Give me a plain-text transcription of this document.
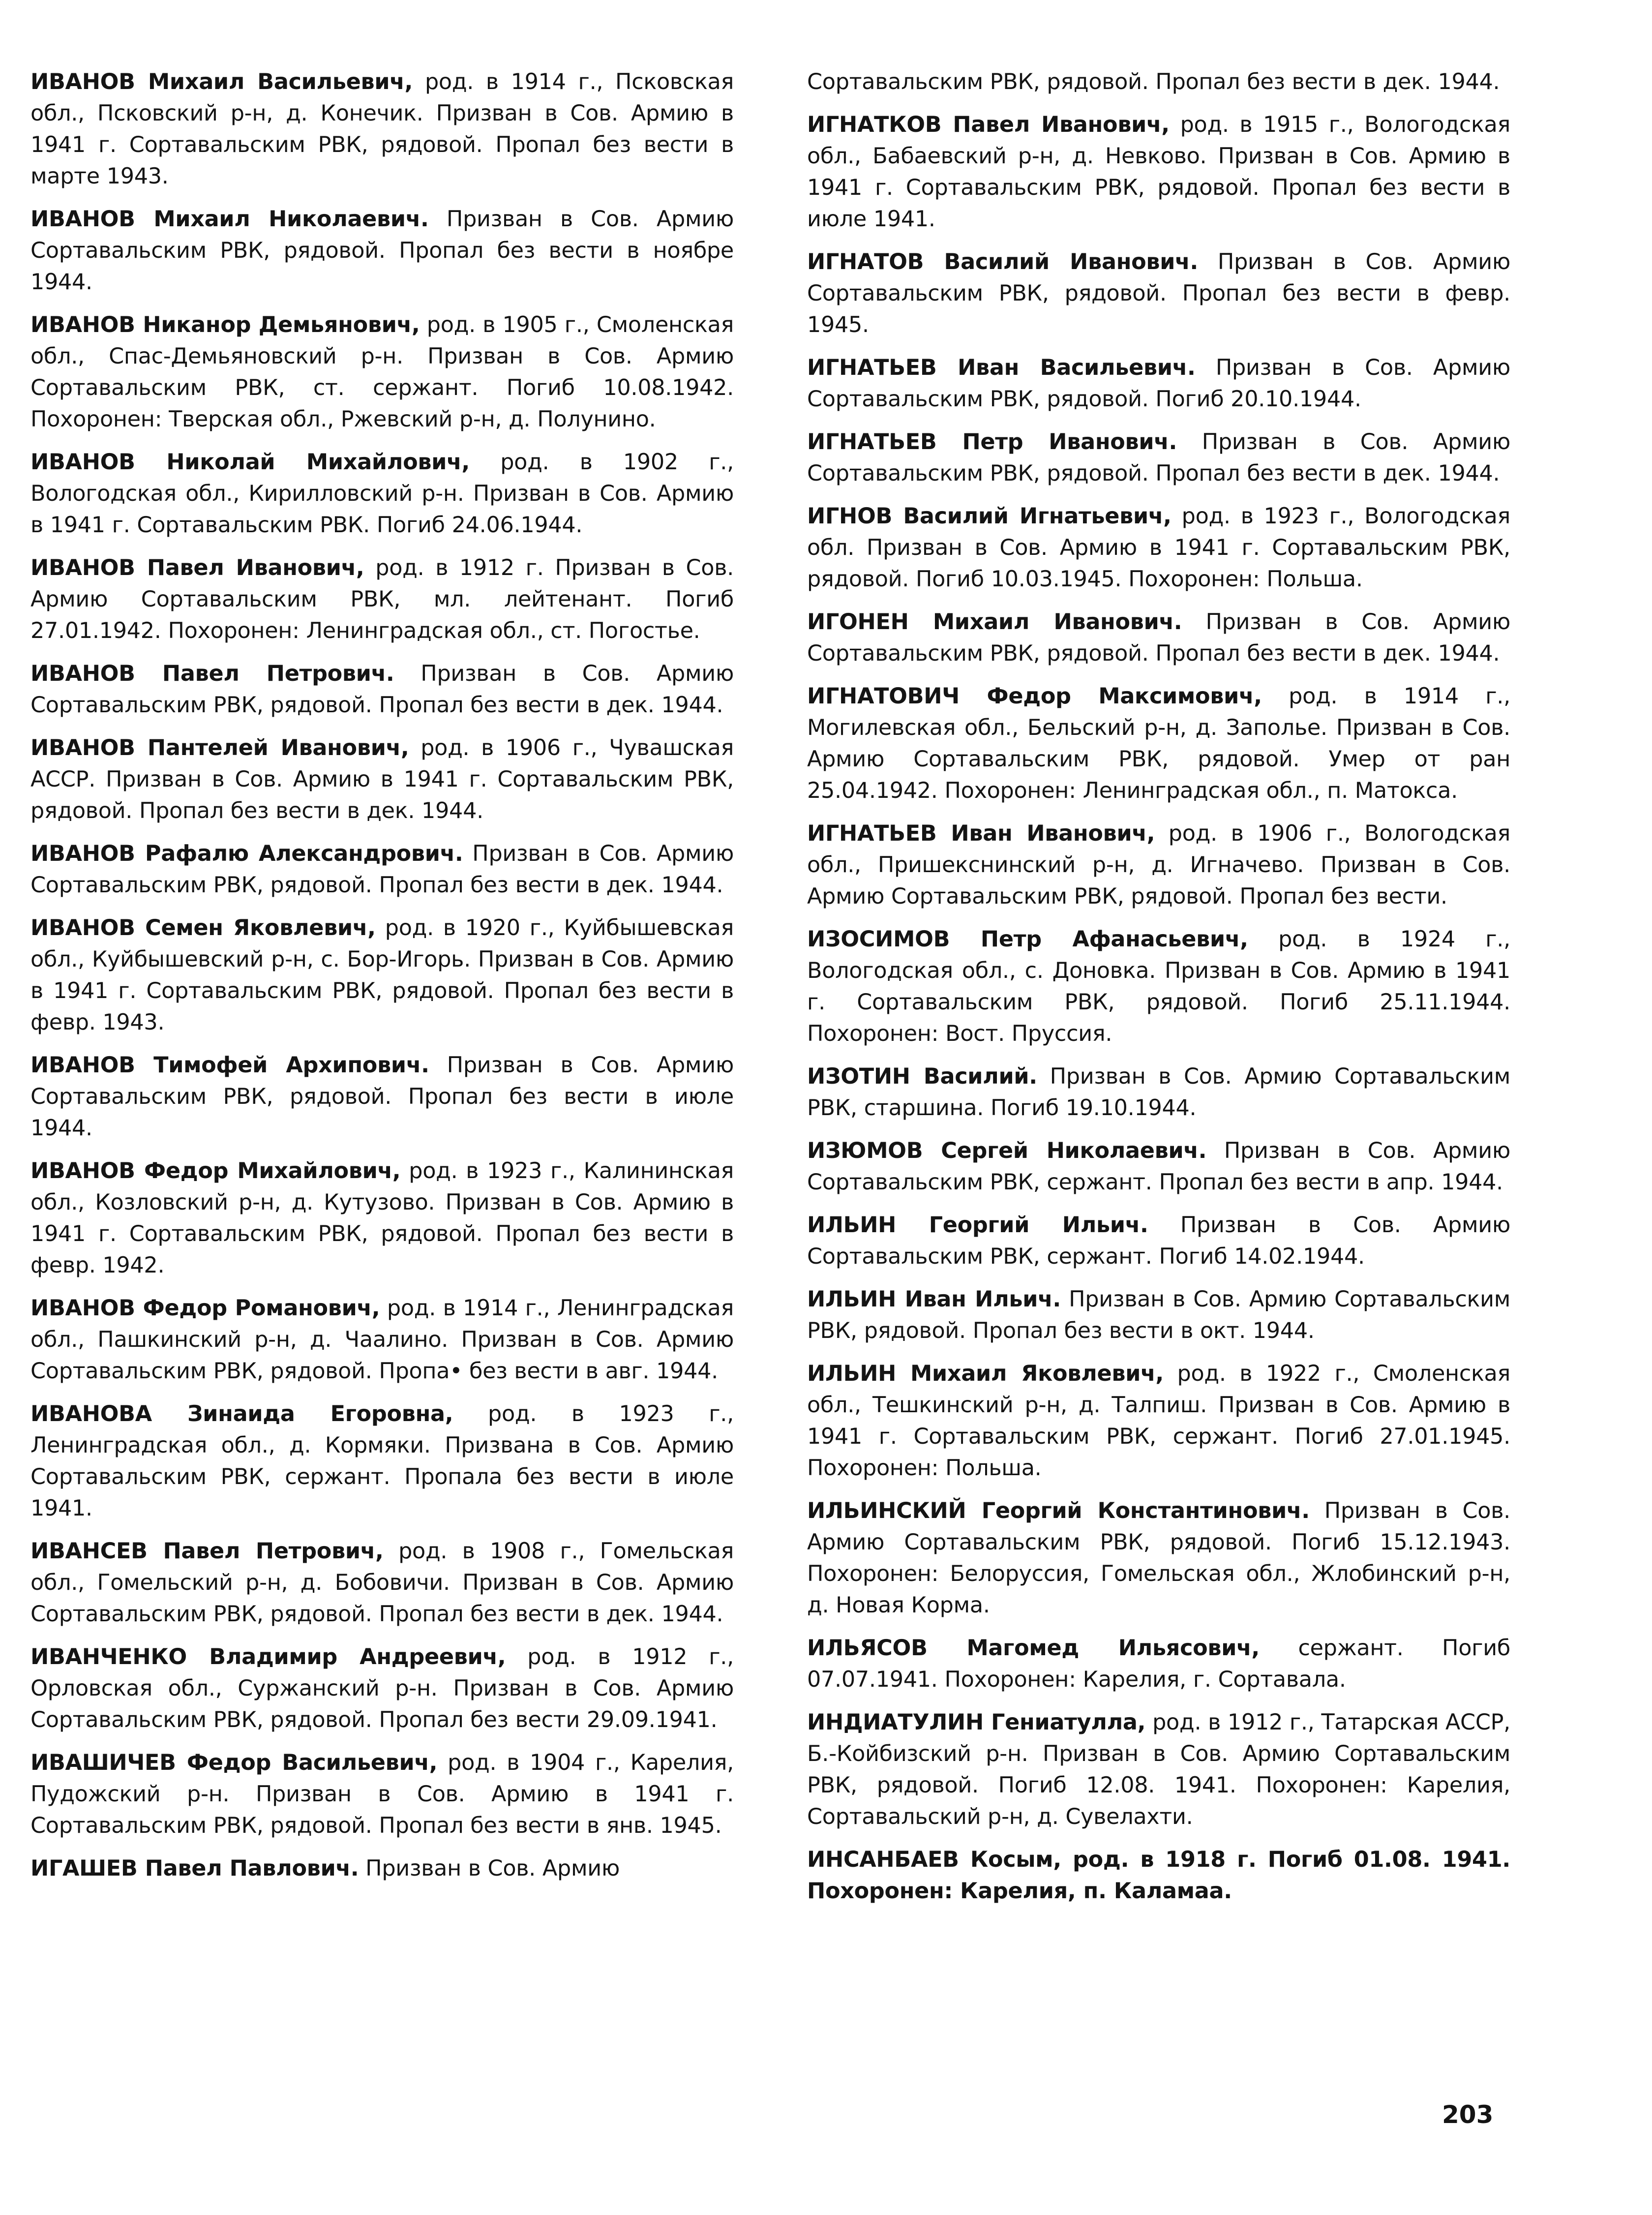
ИВАНОВ Михаил Васильевич, род. в 1914 г., Псковская обл., Псковский р-н, д. Конечик. Призван в Сов. Армию в 1941 г. Сортавальским РВК, рядовой. Пропал без вести в марте 1943.

ИВАНОВ Михаил Николаевич. Призван в Сов. Армию Сортавальским РВК, рядовой. Пропал без вести в ноябре 1944.

ИВАНОВ Никанор Демьянович, род. в 1905 г., Смоленская обл., Спас-Демьяновский р-н. Призван в Сов. Армию Сортавальским РВК, ст. сержант. Погиб 10.08.1942. Похоронен: Тверская обл., Ржевский р-н, д. Полунино.

ИВАНОВ Николай Михайлович, род. в 1902 г., Вологодская обл., Кирилловский р-н. Призван в Сов. Армию в 1941 г. Сортавальским РВК. Погиб 24.06.1944.

ИВАНОВ Павел Иванович, род. в 1912 г. Призван в Сов. Армию Сортавальским РВК, мл. лейтенант. Погиб 27.01.1942. Похоронен: Ленинградская обл., ст. Погостье.

ИВАНОВ Павел Петрович. Призван в Сов. Армию Сортавальским РВК, рядовой. Пропал без вести в дек. 1944.

ИВАНОВ Пантелей Иванович, род. в 1906 г., Чувашская АССР. Призван в Сов. Армию в 1941 г. Сортавальским РВК, рядовой. Пропал без вести в дек. 1944.

ИВАНОВ Рафалю Александрович. Призван в Сов. Армию Сортавальским РВК, рядовой. Пропал без вести в дек. 1944.

ИВАНОВ Семен Яковлевич, род. в 1920 г., Куйбышевская обл., Куйбышевский р-н, с. Бор-Игорь. Призван в Сов. Армию в 1941 г. Сортавальским РВК, рядовой. Пропал без вести в февр. 1943.

ИВАНОВ Тимофей Архипович. Призван в Сов. Армию Сортавальским РВК, рядовой. Пропал без вести в июле 1944.

ИВАНОВ Федор Михайлович, род. в 1923 г., Калининская обл., Козловский р-н, д. Кутузово. Призван в Сов. Армию в 1941 г. Сортавальским РВК, рядовой. Пропал без вести в февр. 1942.

ИВАНОВ Федор Романович, род. в 1914 г., Ленинградская обл., Пашкинский р-н, д. Чаалино. Призван в Сов. Армию Сортавальским РВК, рядовой. Пропа• без вести в авг. 1944.

ИВАНОВА Зинаида Егоровна, род. в 1923 г., Ленинградская обл., д. Кормяки. Призвана в Сов. Армию Сортавальским РВК, сержант. Пропала без вести в июле 1941.

ИВАНСЕВ Павел Петрович, род. в 1908 г., Гомельская обл., Гомельский р-н, д. Бобовичи. Призван в Сов. Армию Сортавальским РВК, рядовой. Пропал без вести в дек. 1944.

ИВАНЧЕНКО Владимир Андреевич, род. в 1912 г., Орловская обл., Суржанский р-н. Призван в Сов. Армию Сортавальским РВК, рядовой. Пропал без вести 29.09.1941.

ИВАШИЧЕВ Федор Васильевич, род. в 1904 г., Карелия, Пудожский р-н. Призван в Сов. Армию в 1941 г. Сортавальским РВК, рядовой. Пропал без вести в янв. 1945.

ИГАШЕВ Павел Павлович. Призван в Сов. Армию

Сортавальским РВК, рядовой. Пропал без вести в дек. 1944.

ИГНАТКОВ Павел Иванович, род. в 1915 г., Вологодская обл., Бабаевский р-н, д. Невково. Призван в Сов. Армию в 1941 г. Сортавальским РВК, рядовой. Пропал без вести в июле 1941.

ИГНАТОВ Василий Иванович. Призван в Сов. Армию Сортавальским РВК, рядовой. Пропал без вести в февр. 1945.

ИГНАТЬЕВ Иван Васильевич. Призван в Сов. Армию Сортавальским РВК, рядовой. Погиб 20.10.1944.

ИГНАТЬЕВ Петр Иванович. Призван в Сов. Армию Сортавальским РВК, рядовой. Пропал без вести в дек. 1944.

ИГНОВ Василий Игнатьевич, род. в 1923 г., Вологодская обл. Призван в Сов. Армию в 1941 г. Сортавальским РВК, рядовой. Погиб 10.03.1945. Похоронен: Польша.

ИГОНЕН Михаил Иванович. Призван в Сов. Армию Сортавальским РВК, рядовой. Пропал без вести в дек. 1944.

ИГНАТОВИЧ Федор Максимович, род. в 1914 г., Могилевская обл., Бельский р-н, д. Заполье. Призван в Сов. Армию Сортавальским РВК, рядовой. Умер от ран 25.04.1942. Похоронен: Ленинградская обл., п. Матокса.

ИГНАТЬЕВ Иван Иванович, род. в 1906 г., Вологодская обл., Пришекснинский р-н, д. Игначево. Призван в Сов. Армию Сортавальским РВК, рядовой. Пропал без вести.

ИЗОСИМОВ Петр Афанасьевич, род. в 1924 г., Вологодская обл., с. Доновка. Призван в Сов. Армию в 1941 г. Сортавальским РВК, рядовой. Погиб 25.11.1944. Похоронен: Вост. Пруссия.

ИЗОТИН Василий. Призван в Сов. Армию Сортавальским РВК, старшина. Погиб 19.10.1944.

ИЗЮМОВ Сергей Николаевич. Призван в Сов. Армию Сортавальским РВК, сержант. Пропал без вести в апр. 1944.

ИЛЬИН Георгий Ильич. Призван в Сов. Армию Сортавальским РВК, сержант. Погиб 14.02.1944.

ИЛЬИН Иван Ильич. Призван в Сов. Армию Сортавальским РВК, рядовой. Пропал без вести в окт. 1944.

ИЛЬИН Михаил Яковлевич, род. в 1922 г., Смоленская обл., Тешкинский р-н, д. Талпиш. Призван в Сов. Армию в 1941 г. Сортавальским РВК, сержант. Погиб 27.01.1945. Похоронен: Польша.

ИЛЬИНСКИЙ Георгий Константинович. Призван в Сов. Армию Сортавальским РВК, рядовой. Погиб 15.12.1943. Похоронен: Белоруссия, Гомельская обл., Жлобинский р-н, д. Новая Корма.

ИЛЬЯСОВ Магомед Ильясович, сержант. Погиб 07.07.1941. Похоронен: Карелия, г. Сортавала.

ИНДИАТУЛИН Гениатулла, род. в 1912 г., Татарская АССР, Б.-Койбизский р-н. Призван в Сов. Армию Сортавальским РВК, рядовой. Погиб 12.08. 1941. Похоронен: Карелия, Сортавальский р-н, д. Сувелахти.

ИНСАНБАЕВ Косым, род. в 1918 г. Погиб 01.08. 1941. Похоронен: Карелия, п. Каламаа.

203
